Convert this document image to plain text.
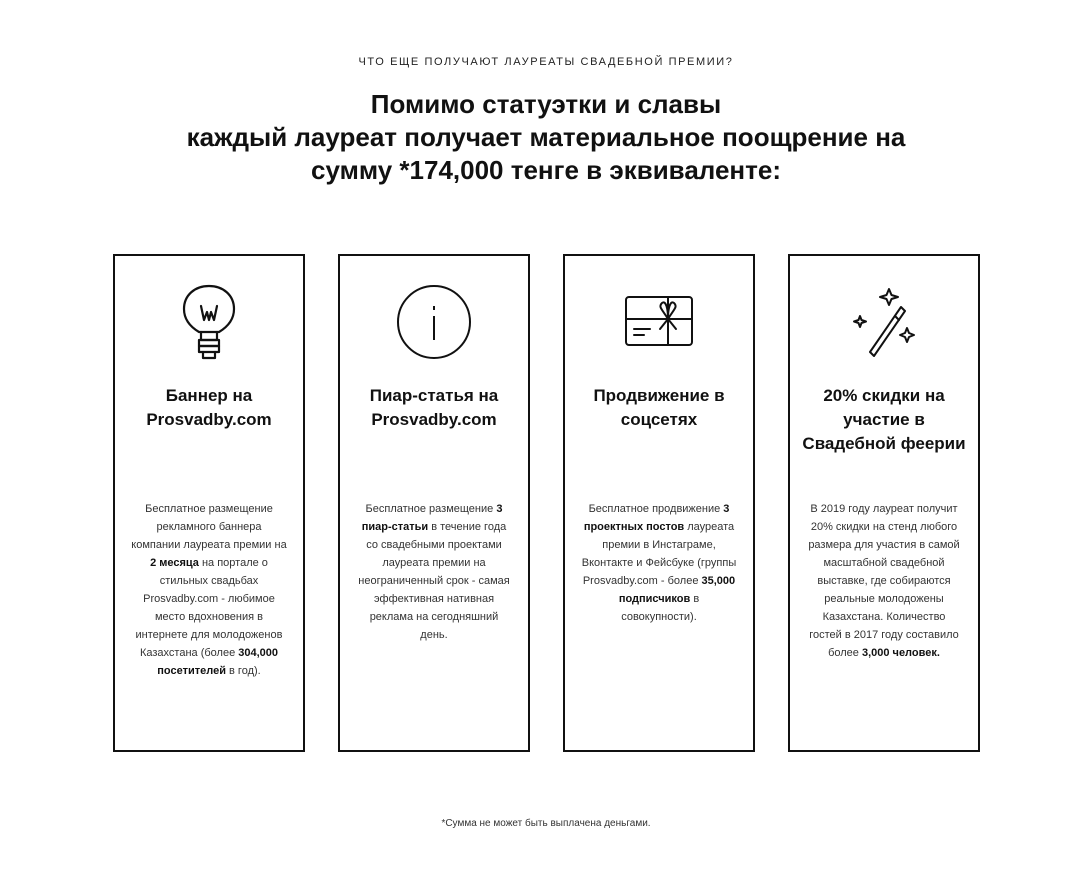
ЧТО ЕЩЕ ПОЛУЧАЮТ ЛАУРЕАТЫ СВАДЕБНОЙ ПРЕМИИ?
Помимо статуэтки и славы
каждый лауреат получает материальное поощрение на
сумму *174,000 тенге в эквиваленте:
Баннер на Prosvadby.com

Бесплатное размещение рекламного баннера компании лауреата премии на 2 месяца на портале о стильных свадьбах Prosvadby.com - любимое место вдохновения в интернете для молодоженов Казахстана (более 304,000 посетителей в год).

Пиар-статья на Prosvadby.com

Бесплатное размещение 3 пиар-статьи в течение года со свадебными проектами лауреата премии на неограниченный срок - самая эффективная нативная реклама на сегодняшний день.

Продвижение в соцсетях

Бесплатное продвижение 3 проектных постов лауреата премии в Инстаграме, Вконтакте и Фейсбуке (группы Prosvadby.com - более 35,000 подписчиков в совокупности).

20% скидки на участие в Свадебной феерии

В 2019 году лауреат получит 20% скидки на стенд любого размера для участия в самой масштабной свадебной выставке, где собираются реальные молодожены Казахстана. Количество гостей в 2017 году составило более 3,000 человек.

*Сумма не может быть выплачена деньгами.
